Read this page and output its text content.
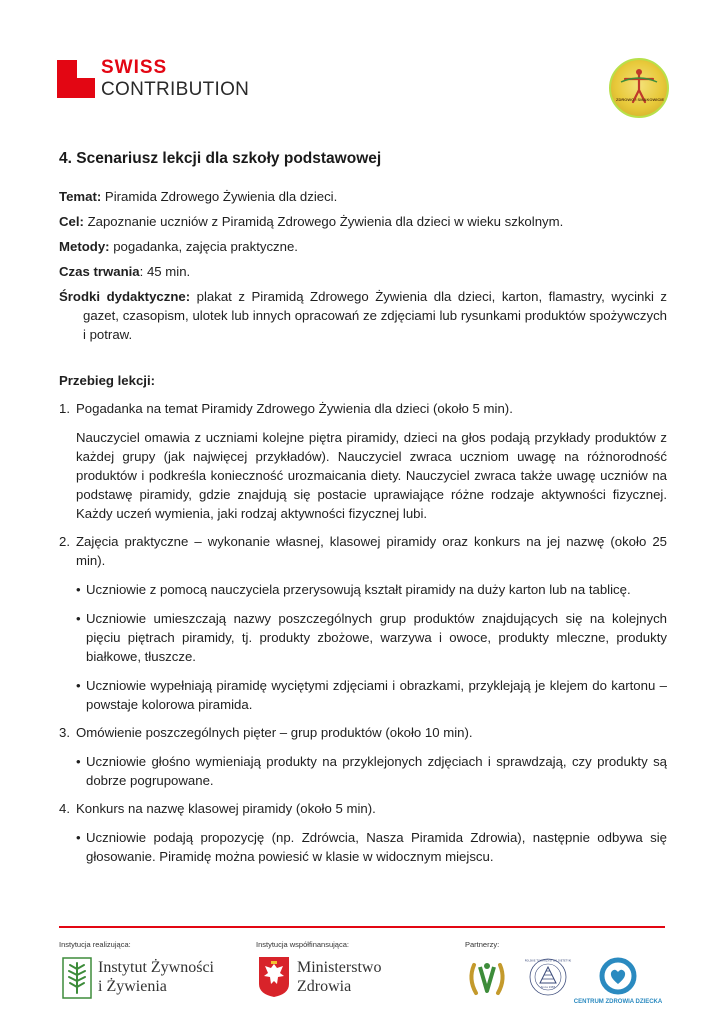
SWISS
CONTRIBUTION	ZDROWO I SMAKOWICIE
4. Scenariusz lekcji dla szkoły podstawowej

Temat: Piramida Zdrowego Żywienia dla dzieci.

Cel: Zapoznanie uczniów z Piramidą Zdrowego Żywienia dla dzieci w wieku szkolnym.

Metody: pogadanka, zajęcia praktyczne.

Czas trwania: 45 min.

Środki dydaktyczne: plakat z Piramidą Zdrowego Żywienia dla dzieci, karton, flamastry, wycinki z gazet, czasopism, ulotek lub innych opracowań ze zdjęciami lub rysunkami produktów spożywczych i potraw.

Przebieg lekcji:
1. Pogadanka na temat Piramidy Zdrowego Żywienia dla dzieci (około 5 min).

Nauczyciel omawia z uczniami kolejne piętra piramidy, dzieci na głos podają przykłady produktów z każdej grupy (jak najwięcej przykładów). Nauczyciel zwraca uczniom uwagę na różnorodność produktów i podkreśla konieczność urozmaicania diety. Nauczyciel zwraca także uwagę uczniów na podstawę piramidy, gdzie znajdują się postacie uprawiające różne rodzaje aktywności fizycznej. Każdy uczeń wymienia, jaki rodzaj aktywności fizycznej lubi.

2. Zajęcia praktyczne – wykonanie własnej, klasowej piramidy oraz konkurs na jej nazwę (około 25 min).

• Uczniowie z pomocą nauczyciela przerysowują kształt piramidy na duży karton lub na tablicę.
• Uczniowie umieszczają nazwy poszczególnych grup produktów znajdujących się na kolejnych pięciu piętrach piramidy, tj. produkty zbożowe, warzywa i owoce, produkty mleczne, produkty białkowe, tłuszcze.
• Uczniowie wypełniają piramidę wyciętymi zdjęciami i obrazkami, przyklejają je klejem do kartonu – powstaje kolorowa piramida.
3. Omówienie poszczególnych pięter – grup produktów (około 10 min).

• Uczniowie głośno wymieniają produkty na przyklejonych zdjęciach i sprawdzają, czy produkty są dobrze pogrupowane.
4. Konkurs na nazwę klasowej piramidy (około 5 min).

• Uczniowie podają propozycję (np. Zdrówcia, Nasza Piramida Zdrowia), następnie odbywa się głosowanie. Piramidę można powiesić w klasie w widocznym miejscu.
Instytucja realizująca:	Instytucja współfinansująca:	Partnerzy:
Instytut Żywności
i Żywienia
Ministerstwo
Zdrowia
POLSKIE TOWARZYSTWO DIETETYKI
Since 1985
CENTRUM ZDROWIA DZIECKA
